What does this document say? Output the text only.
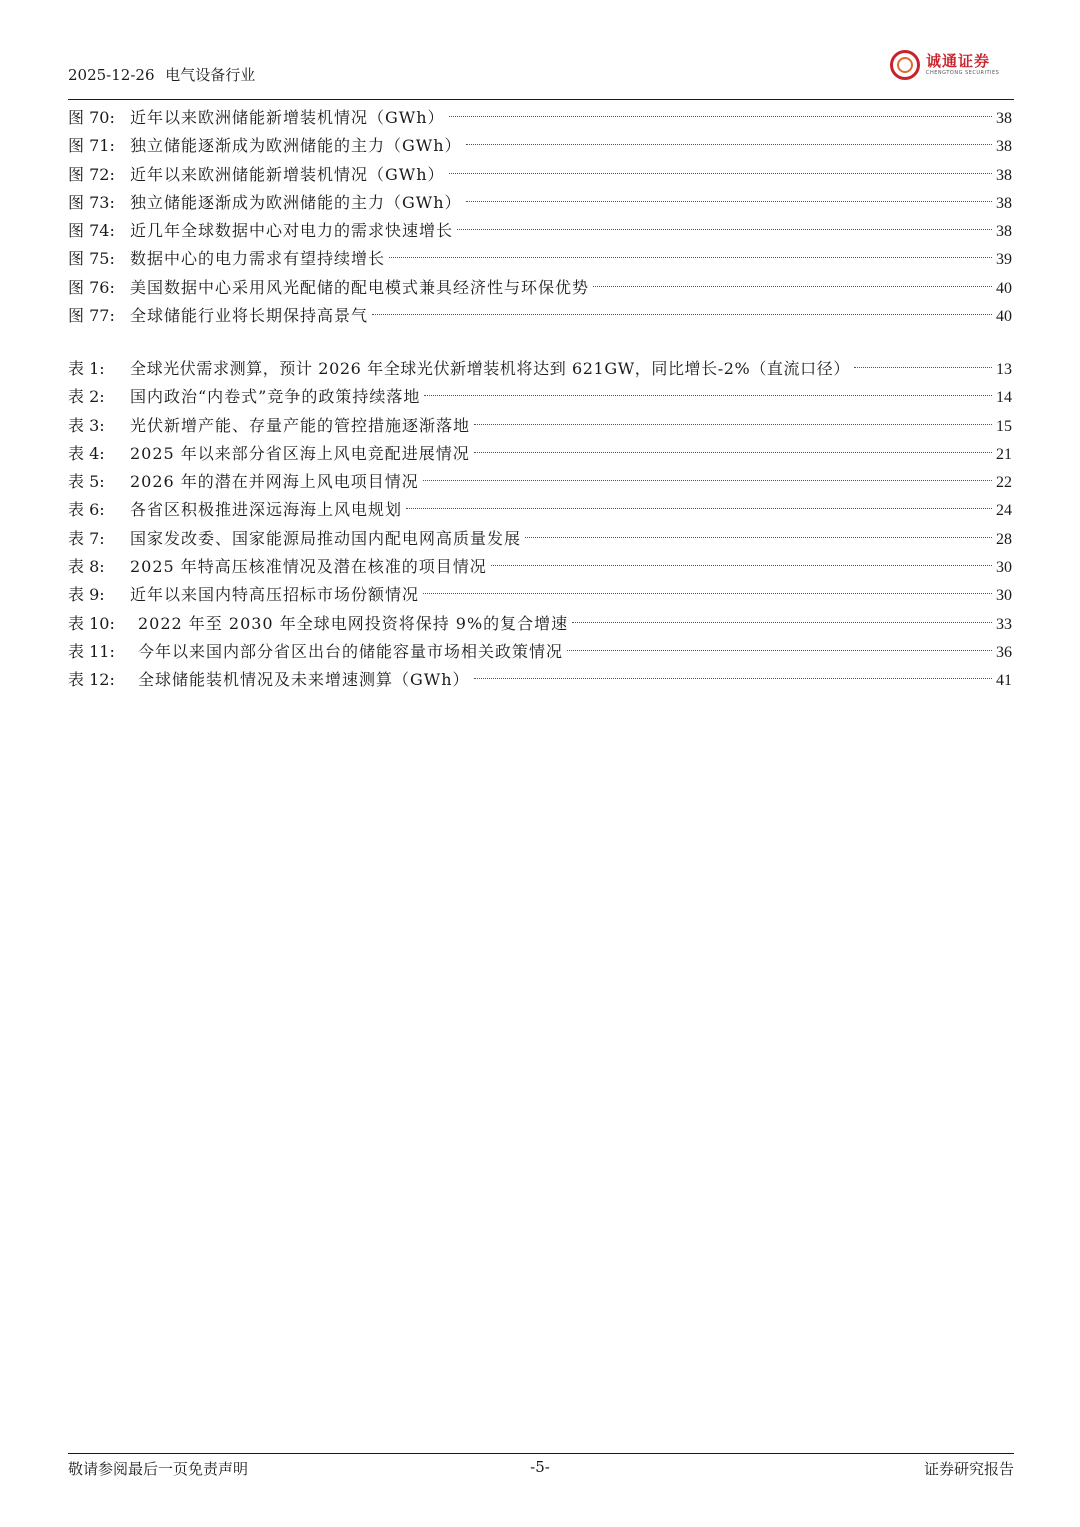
2025-12-26 电气设备行业
诚通证券
CHENGTONG SECURITIES
图 70: 近年以来欧洲储能新增装机情况（GWh）	38
图 71: 独立储能逐渐成为欧洲储能的主力（GWh）	38
图 72: 近年以来欧洲储能新增装机情况（GWh）	38
图 73: 独立储能逐渐成为欧洲储能的主力（GWh）	38
图 74: 近几年全球数据中心对电力的需求快速增长	38
图 75: 数据中心的电力需求有望持续增长	39
图 76: 美国数据中心采用风光配储的配电模式兼具经济性与环保优势	40
图 77: 全球储能行业将长期保持高景气	40
表 1:	全球光伏需求测算，预计 2026 年全球光伏新增装机将达到 621GW，同比增长-2%（直流口径）	13
表 2:	国内政治“内卷式”竞争的政策持续落地	14
表 3:	光伏新增产能、存量产能的管控措施逐渐落地	15
表 4:	2025 年以来部分省区海上风电竞配进展情况	21
表 5:	2026 年的潜在并网海上风电项目情况	22
表 6:	各省区积极推进深远海海上风电规划	24
表 7:	国家发改委、国家能源局推动国内配电网高质量发展	28
表 8:	2025 年特高压核准情况及潜在核准的项目情况	30
表 9:	近年以来国内特高压招标市场份额情况	30
表 10:	2022 年至 2030 年全球电网投资将保持 9%的复合增速	33
表 11:	今年以来国内部分省区出台的储能容量市场相关政策情况	36
表 12:	全球储能装机情况及未来增速测算（GWh）	41
敬请参阅最后一页免责声明	-5-	证券研究报告
